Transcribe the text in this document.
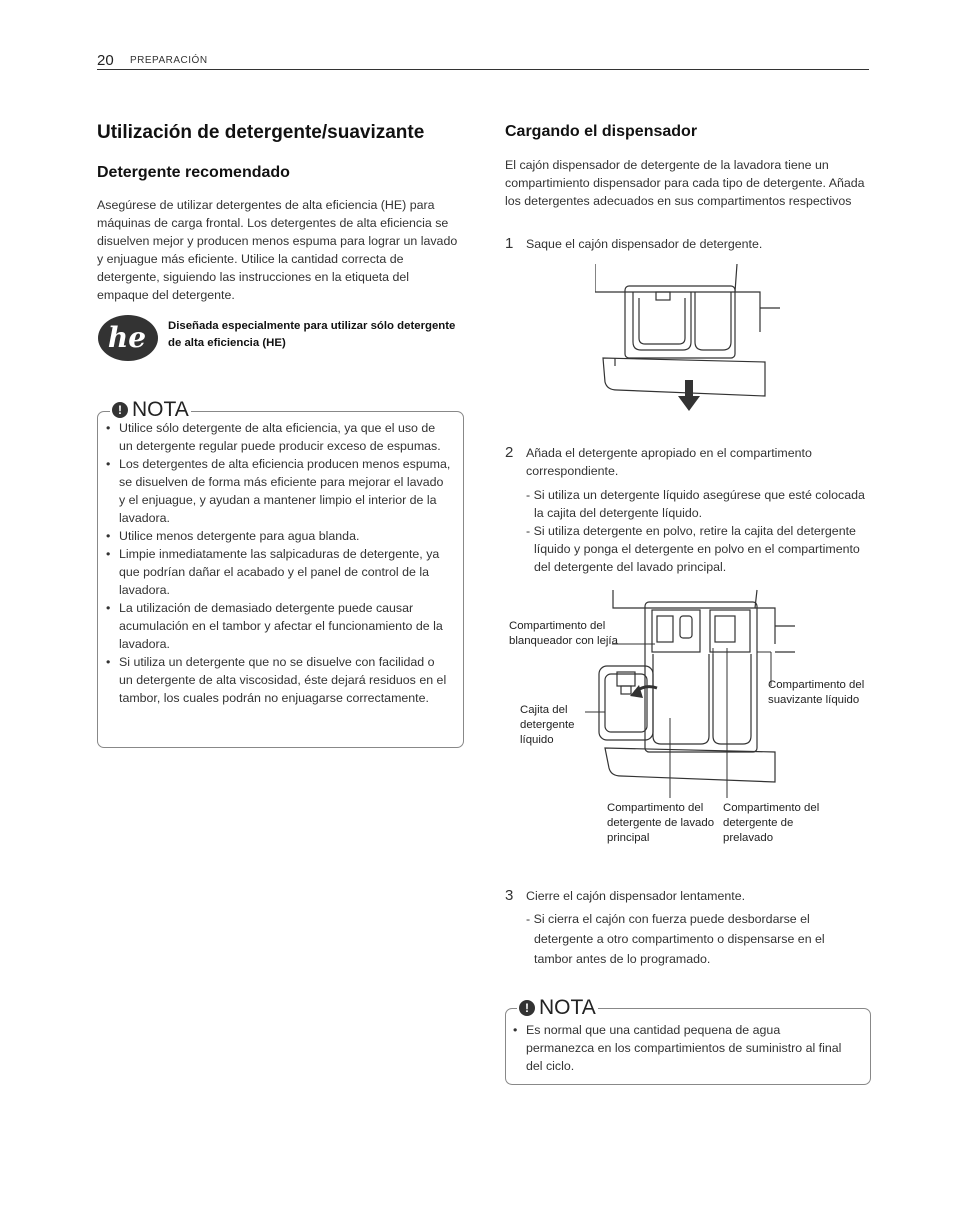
20 PREPARACIÓN
Utilización de detergente/suavizante
Detergente recomendado

Asegúrese de utilizar detergentes de alta eficiencia (HE) para máquinas de carga frontal. Los detergentes de alta eficiencia se disuelven mejor y producen menos espuma para lograr un lavado y enjuague más eficiente. Utilice la cantidad correcta de detergente, siguiendo las instrucciones en la etiqueta del empaque del detergente.

he Diseñada especialmente para utilizar sólo detergente de alta eficiencia (HE)
! NOTA
• Utilice sólo detergente de alta eficiencia, ya que el uso de un detergente regular puede producir exceso de espumas.
• Los detergentes de alta eficiencia producen menos espuma, se disuelven de forma más eficiente para mejorar el lavado y el enjuague, y ayudan a mantener limpio el interior de la lavadora.
• Utilice menos detergente para agua blanda.
• Limpie inmediatamente las salpicaduras de detergente, ya que podrían dañar el acabado y el panel de control de la lavadora.
• La utilización de demasiado detergente puede causar acumulación en el tambor y afectar el funcionamiento de la lavadora.
• Si utiliza un detergente que no se disuelve con facilidad o un detergente de alta viscosidad, éste dejará residuos en el tambor, los cuales podrán no enjuagarse correctamente.
Cargando el dispensador

El cajón dispensador de detergente de la lavadora tiene un compartimiento dispensador para cada tipo de detergente. Añada los detergentes adecuados en sus compartimentos respectivos

1 Saque el cajón dispensador de detergente.
2 Añada el detergente apropiado en el compartimento correspondiente.
- Si utiliza un detergente líquido asegúrese que esté colocada la cajita del detergente líquido.
- Si utiliza detergente en polvo, retire la cajita del detergente líquido y ponga el detergente en polvo en el compartimento del detergente del lavado principal.
Compartimento del blanqueador con lejía
Cajita del detergente líquido
Compartimento del suavizante líquido
Compartimento del detergente de lavado principal
Compartimento del detergente de prelavado
3 Cierre el cajón dispensador lentamente.
- Si cierra el cajón con fuerza puede desbordarse el detergente a otro compartimento o dispensarse en el tambor antes de lo programado.
! NOTA
• Es normal que una cantidad pequena de agua permanezca en los compartimientos de suministro al final del ciclo.
